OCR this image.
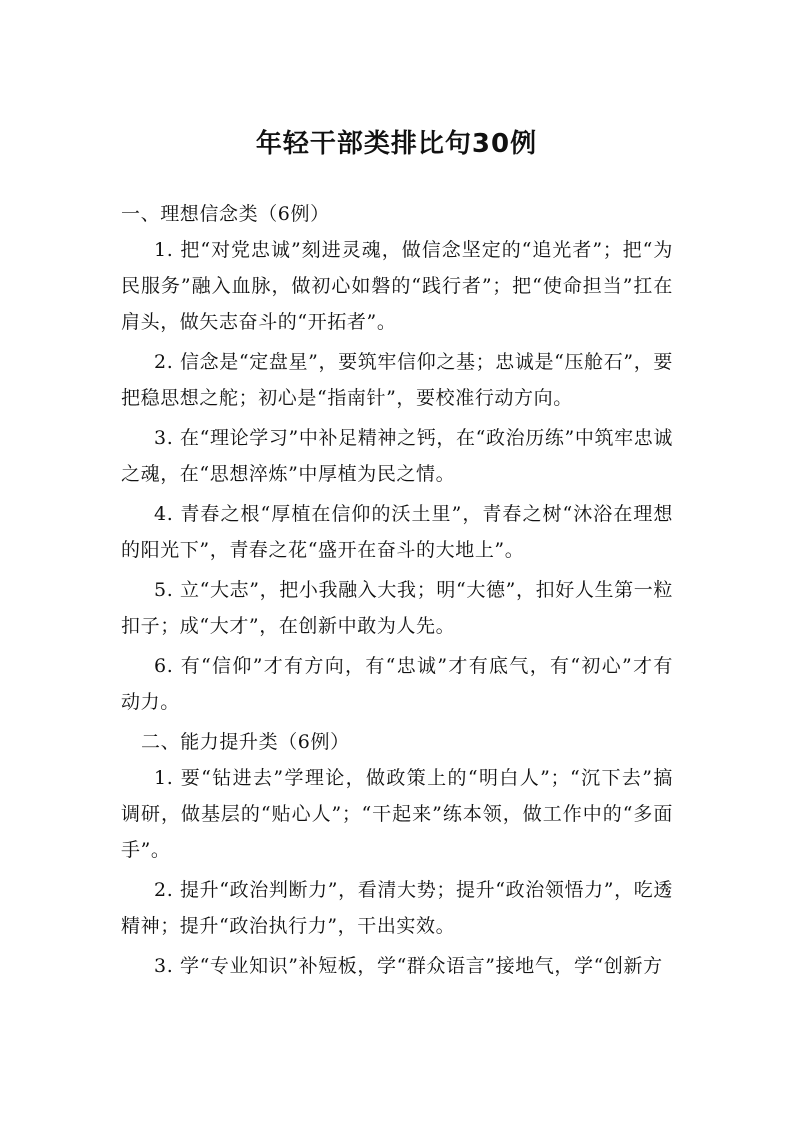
年轻干部类排比句30例

一、理想信念类（6例）

1. 把“对党忠诚”刻进灵魂，做信念坚定的“追光者”；把“为民服务”融入血脉，做初心如磐的“践行者”；把“使命担当”扛在肩头，做矢志奋斗的“开拓者”。

2. 信念是“定盘星”，要筑牢信仰之基；忠诚是“压舱石”，要把稳思想之舵；初心是“指南针”，要校准行动方向。

3. 在“理论学习”中补足精神之钙，在“政治历练”中筑牢忠诚之魂，在“思想淬炼”中厚植为民之情。

4. 青春之根“厚植在信仰的沃土里”，青春之树“沐浴在理想的阳光下”，青春之花“盛开在奋斗的大地上”。

5. 立“大志”，把小我融入大我；明“大德”，扣好人生第一粒扣子；成“大才”，在创新中敢为人先。

6. 有“信仰”才有方向，有“忠诚”才有底气，有“初心”才有动力。

二、能力提升类（6例）

1. 要“钻进去”学理论，做政策上的“明白人”；“沉下去”搞调研，做基层的“贴心人”；“干起来”练本领，做工作中的“多面手”。

2. 提升“政治判断力”，看清大势；提升“政治领悟力”，吃透精神；提升“政治执行力”，干出实效。

3. 学“专业知识”补短板，学“群众语言”接地气，学“创新方
